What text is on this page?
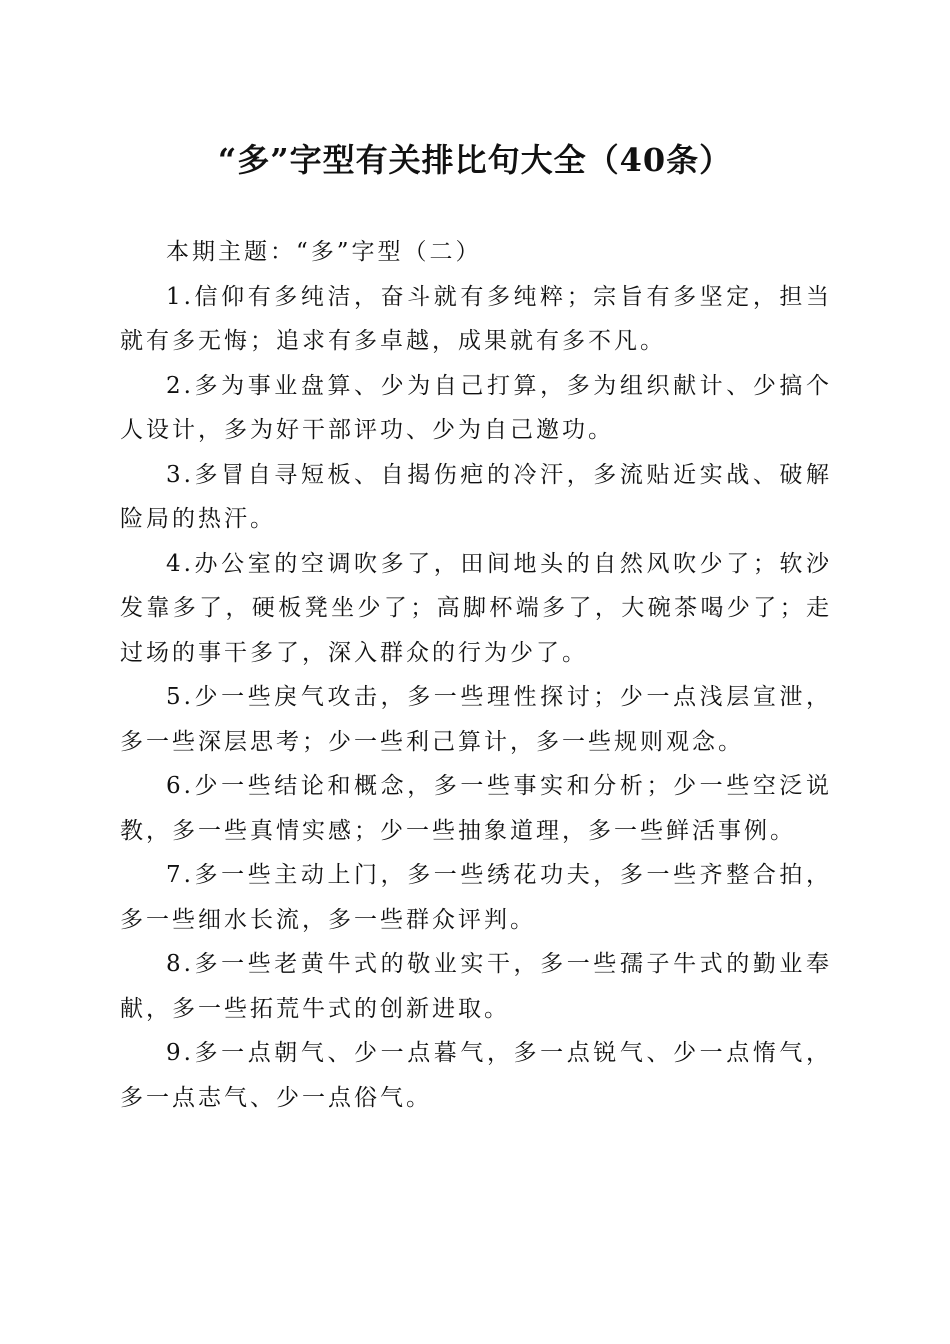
“多”字型有关排比句大全（40条）

本期主题：“多”字型（二）

1.信仰有多纯洁，奋斗就有多纯粹；宗旨有多坚定，担当就有多无悔；追求有多卓越，成果就有多不凡。

2.多为事业盘算、少为自己打算，多为组织献计、少搞个人设计，多为好干部评功、少为自己邀功。

3.多冒自寻短板、自揭伤疤的冷汗，多流贴近实战、破解险局的热汗。

4.办公室的空调吹多了，田间地头的自然风吹少了；软沙发靠多了，硬板凳坐少了；高脚杯端多了，大碗茶喝少了；走过场的事干多了，深入群众的行为少了。

5.少一些戾气攻击，多一些理性探讨；少一点浅层宣泄，多一些深层思考；少一些利己算计，多一些规则观念。

6.少一些结论和概念，多一些事实和分析；少一些空泛说教，多一些真情实感；少一些抽象道理，多一些鲜活事例。

7.多一些主动上门，多一些绣花功夫，多一些齐整合拍，多一些细水长流，多一些群众评判。

8.多一些老黄牛式的敬业实干，多一些孺子牛式的勤业奉献，多一些拓荒牛式的创新进取。

9.多一点朝气、少一点暮气，多一点锐气、少一点惰气，多一点志气、少一点俗气。
